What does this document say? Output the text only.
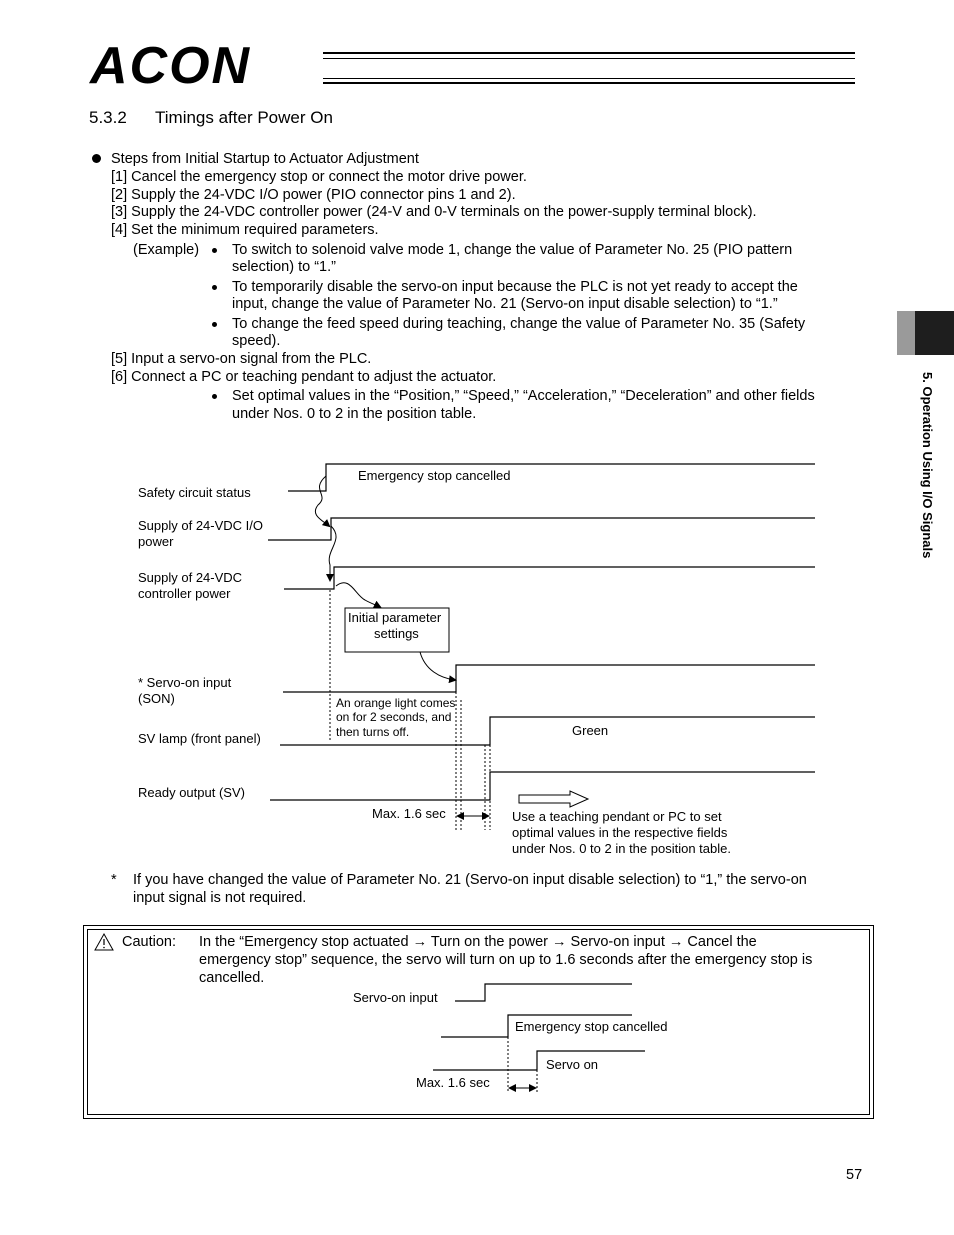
ACON
5.3.2 Timings after Power On
Steps from Initial Startup to Actuator Adjustment
[1] Cancel the emergency stop or connect the motor drive power.
[2] Supply the 24-VDC I/O power (PIO connector pins 1 and 2).
[3] Supply the 24-VDC controller power (24-V and 0-V terminals on the power-supply terminal block).
[4] Set the minimum required parameters.
(Example) To switch to solenoid valve mode 1, change the value of Parameter No. 25 (PIO pattern
selection) to “1.”
To temporarily disable the servo-on input because the PLC is not yet ready to accept the
input, change the value of Parameter No. 21 (Servo-on input disable selection) to “1.”
To change the feed speed during teaching, change the value of Parameter No. 35 (Safety
speed).
[5] Input a servo-on signal from the PLC.
[6] Connect a PC or teaching pendant to adjust the actuator.
Set optimal values in the “Position,” “Speed,” “Acceleration,” “Deceleration” and other fields
under Nos. 0 to 2 in the position table.
Emergency stop cancelled
Safety circuit status
Supply of 24-VDC I/O
power
Supply of 24-VDC
controller power
Initial parameter
settings
* Servo-on input
(SON)	An orange light comes
on for 2 seconds, and
then turns off.	Green
SV lamp (front panel)
Ready output (SV)
Max. 1.6 sec	Use a teaching pendant or PC to set
optimal values in the respective fields
under Nos. 0 to 2 in the position table.
* If you have changed the value of Parameter No. 21 (Servo-on input disable selection) to “1,” the servo-on
input signal is not required.
Caution: In the “Emergency stop actuated → Turn on the power → Servo-on input → Cancel the
emergency stop” sequence, the servo will turn on up to 1.6 seconds after the emergency stop is
cancelled.
Servo-on input
Emergency stop cancelled
Servo on
Max. 1.6 sec
5. Operation Using I/O Signals
57
